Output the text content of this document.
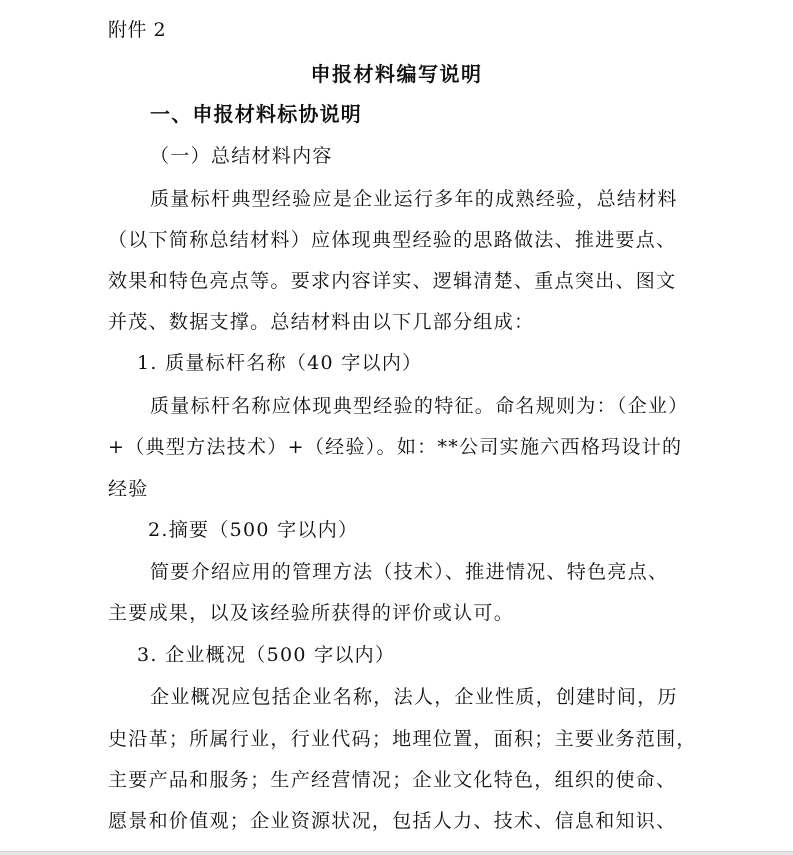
附件 2
申报材料编写说明
一、申报材料标协说明
（一）总结材料内容
质量标杆典型经验应是企业运行多年的成熟经验，总结材料
（以下简称总结材料）应体现典型经验的思路做法、推进要点、
效果和特色亮点等。要求内容详实、逻辑清楚、重点突出、图文
并茂、数据支撑。总结材料由以下几部分组成：
1. 质量标杆名称（40 字以内）
质量标杆名称应体现典型经验的特征。命名规则为：（企业）
+（典型方法技术）+（经验）。如：**公司实施六西格玛设计的
经验
2.摘要（500 字以内）
简要介绍应用的管理方法（技术）、推进情况、特色亮点、
主要成果，以及该经验所获得的评价或认可。
3. 企业概况（500 字以内）
企业概况应包括企业名称，法人，企业性质，创建时间，历
史沿革；所属行业，行业代码；地理位置，面积；主要业务范围，
主要产品和服务；生产经营情况；企业文化特色，组织的使命、
愿景和价值观；企业资源状况，包括人力、技术、信息和知识、
